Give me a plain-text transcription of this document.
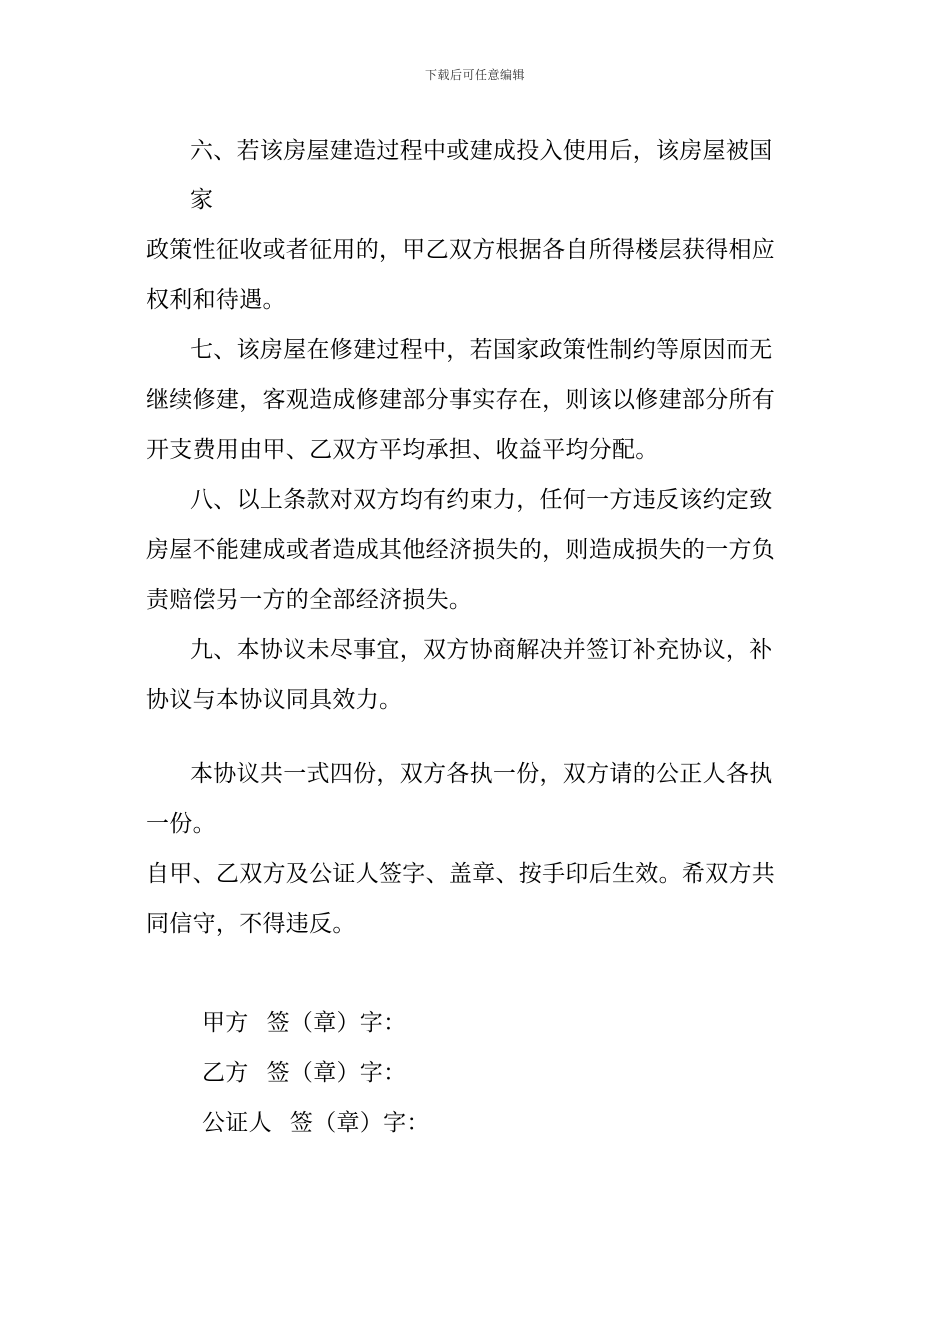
下载后可任意编辑
六、若该房屋建造过程中或建成投入使用后，该房屋被国
家
政策性征收或者征用的，甲乙双方根据各自所得楼层获得相应
权利和待遇。
七、该房屋在修建过程中，若国家政策性制约等原因而无
继续修建，客观造成修建部分事实存在，则该以修建部分所有
开支费用由甲、乙双方平均承担、收益平均分配。
八、以上条款对双方均有约束力，任何一方违反该约定致
房屋不能建成或者造成其他经济损失的，则造成损失的一方负
责赔偿另一方的全部经济损失。
九、本协议未尽事宜，双方协商解决并签订补充协议，补
协议与本协议同具效力。
本协议共一式四份，双方各执一份，双方请的公正人各执
一份。
自甲、乙双方及公证人签字、盖章、按手印后生效。希双方共
同信守，不得违反。
甲方 签（章）字：
乙方 签（章）字：
公证人 签（章）字：
